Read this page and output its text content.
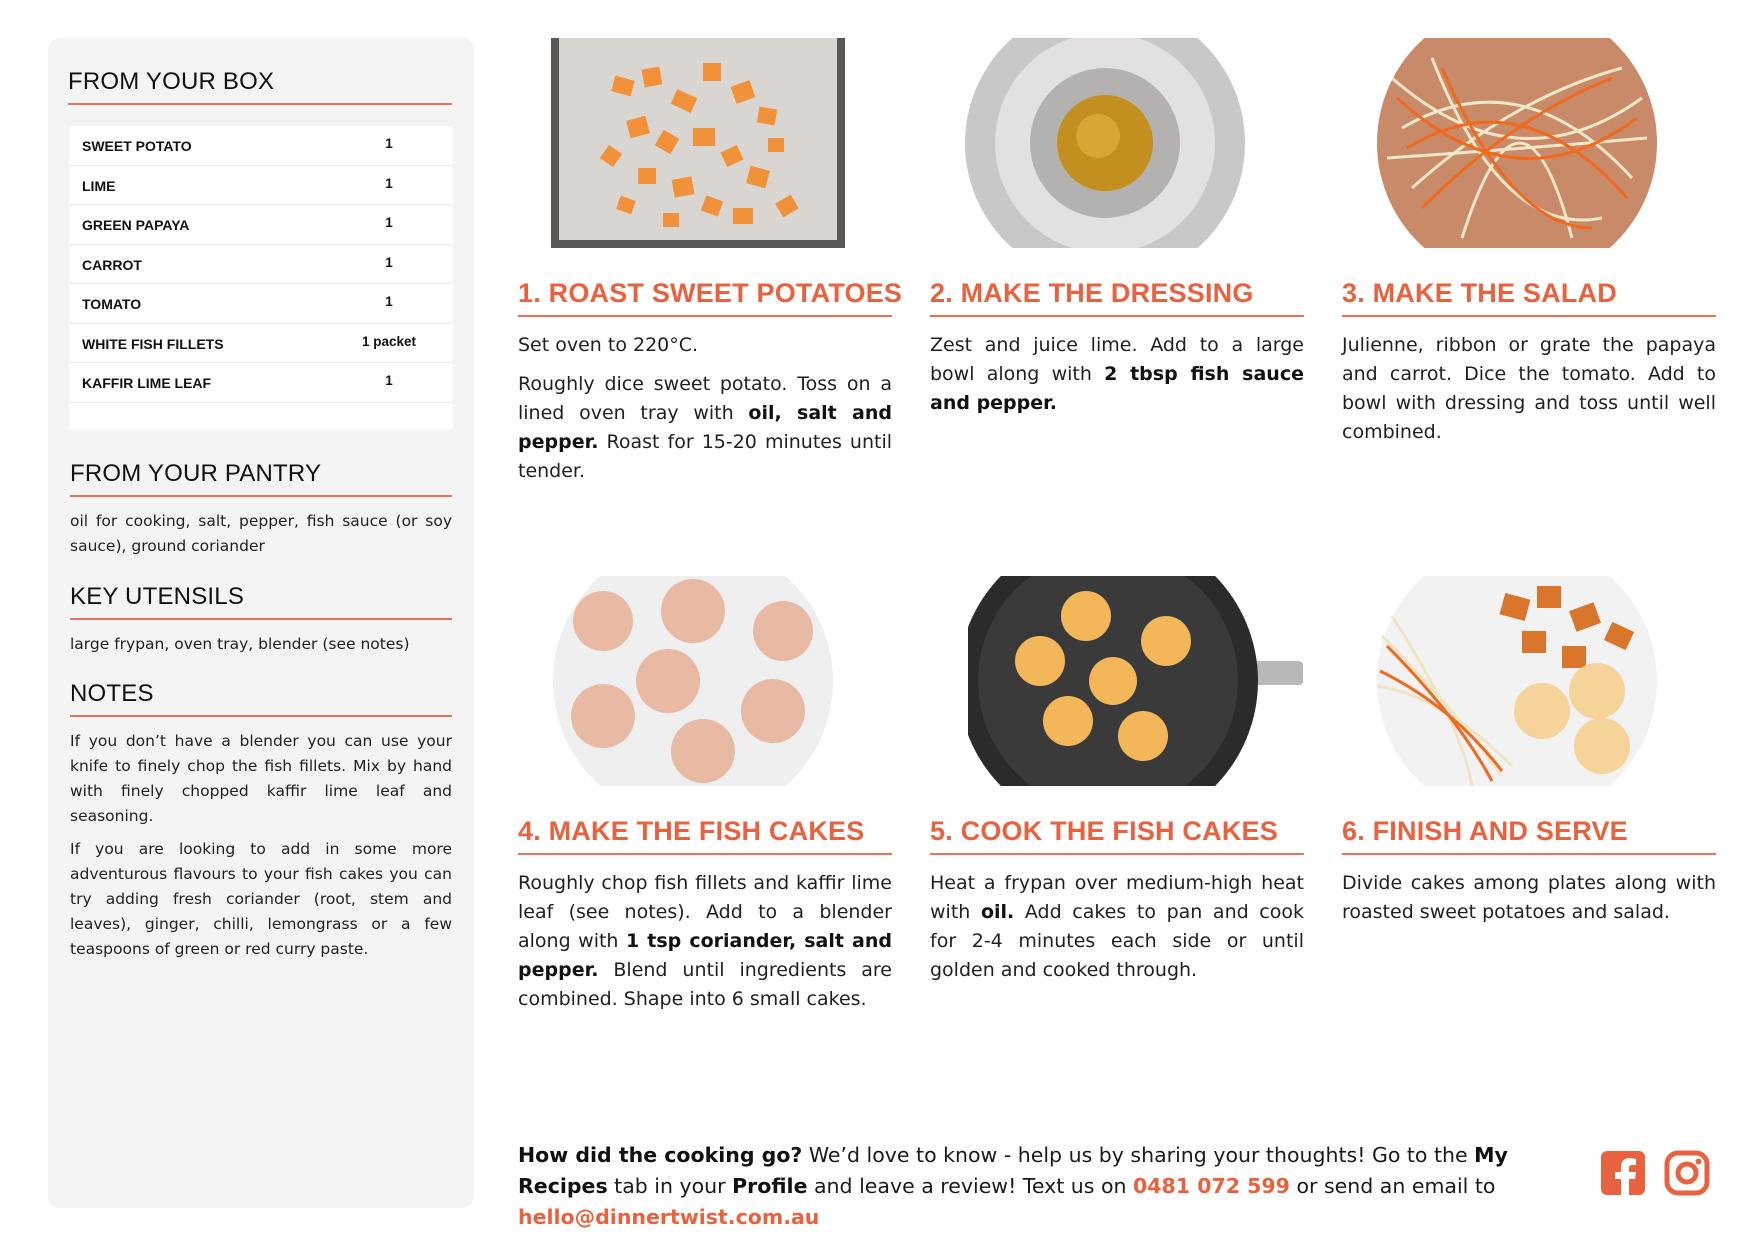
FROM YOUR BOX
SWEET POTATO	1
LIME	1
GREEN PAPAYA	1
CARROT	1
TOMATO	1
WHITE FISH FILLETS	1 packet
KAFFIR LIME LEAF	1
FROM YOUR PANTRY

oil for cooking, salt, pepper, fish sauce (or soy sauce), ground coriander

KEY UTENSILS

large frypan, oven tray, blender (see notes)

NOTES

If you don’t have a blender you can use your knife to finely chop the fish fillets. Mix by hand with finely chopped kaffir lime leaf and seasoning.

If you are looking to add in some more adventurous flavours to your fish cakes you can try adding fresh coriander (root, stem and leaves), ginger, chilli, lemongrass or a few teaspoons of green or red curry paste.

1. ROAST SWEET POTATOES

Set oven to 220°C.

Roughly dice sweet potato. Toss on a lined oven tray with oil, salt and pepper. Roast for 15-20 minutes until tender.

2. MAKE THE DRESSING

Zest and juice lime. Add to a large bowl along with 2 tbsp fish sauce and pepper.

3. MAKE THE SALAD

Julienne, ribbon or grate the papaya and carrot. Dice the tomato. Add to bowl with dressing and toss until well combined.

4. MAKE THE FISH CAKES

Roughly chop fish fillets and kaffir lime leaf (see notes). Add to a blender along with 1 tsp coriander, salt and pepper. Blend until ingredients are combined. Shape into 6 small cakes.

5. COOK THE FISH CAKES

Heat a frypan over medium-high heat with oil. Add cakes to pan and cook for 2-4 minutes each side or until golden and cooked through.

6. FINISH AND SERVE

Divide cakes among plates along with roasted sweet potatoes and salad.

How did the cooking go? We’d love to know - help us by sharing your thoughts! Go to the My Recipes tab in your Profile and leave a review! Text us on 0481 072 599 or send an email to hello@dinnertwist.com.au
